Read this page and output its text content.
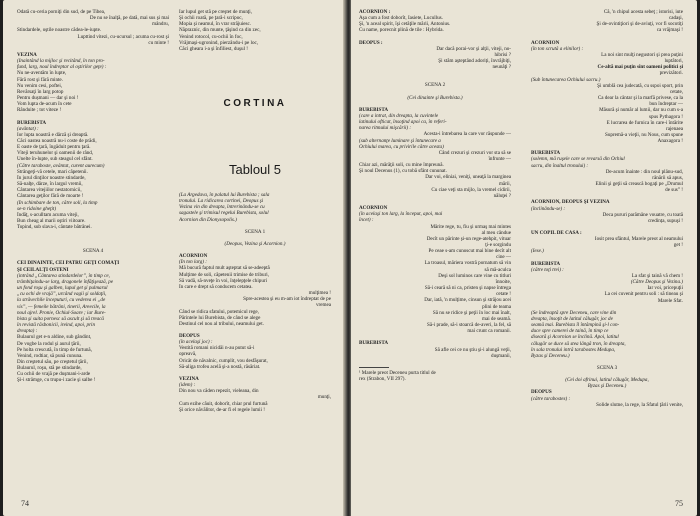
Odată cu-ceria porniţi din sud, de pe Tibea,
De nu se înalţă, pe dată, mai sus şi mai
mândru,
Stindardele, oştile noastre cădea-le-iupte.
Lupttind vitezi, cu-ucursul ; acuma cu-rost şi
cu minte !
VEZINA
(Inaintând la mijloc şi recitând, în ton pro-
fund, larg, noul îndreptar al oştirilor geţe) :
Nu ne-aventăm în lupte,
Fără rost şi fără minte.
Nu venim cesi, poftei,
Revărsaţi în larg potop
Pentru dușmani — dar şi noi !
Vom lupta de-acum în cete
Rânduite ; tot viteze !
BUREBISTA
(avântat) :
Ior lupta noastră e dârză şi dreaptă.
Căci oastea noastră nu-i coste de prădi,
E oaste de ţară, îngăduit pentru ţară.
Viteji teruhunelor şi oamenii de rând,
Unelte în-lupte, sub steagul cel sfânt.
(Către taraboste, avântat, curent aurecum)
Strângeţi-vă cetele, mari căpetenii.
În jurul dinţilor noastre stindarde,
Să-nalţe, dârze, în largul vremii,
Cântarea vitejiilor nestatornicii,
Cântarea geţilor fără de moarte !
(În schimbare de ton, către soli, la timp
se-n ridoine gheţit)
Îndăţ, s-aculltam acuma viteji,
Bun cheag al marii oştiri viitoare.
Topind, sub slava-i, cântate bătrânei.
SCENA 4
CEI DINAINTE, CEI PATRU GEŢI COMAŢI
ŞI CEILALŢI OSTENI
(intrând „Cântarea stindardelor”, în timp ce,
trâmbiţaindu-se larg, dragonele înfăţişează, pe
un fond roşu şi galben, lupul get şi pulmarul
„cu ochi de vrajă”, urcând vagii şi soldaţii,
la străvechile începuturi, cu vederea ei „de
vis”, — femeile bătrâni, tinerii, Areecile, la
noul ajrel. Pronie, Ochiul-Soare ; iar Bure-
bista şi suita pornesc să ascult şi să treacă
în revistă răsbonicii, ireind, apoi, prin
dreapta) :
Bulaurul get e-n aldine, sub gândint,
De vogbe la rodul şi aurul ţării,
Pe holta crescută, în timp de furtună,
Venind, rodtiar, să pună cununa.
Din creştetul său, pe creştetul ţării,
Bulaurul, roşu, stă pe stindarde,
Cu ochii de vrajă pe duşmani-i-arde
Şi-i strâmge, cu trupu-i zacie şi salbe !
Iar lupul get stă pe creştet de munţi,
Şi ochii roată, pe ţară-i scripoc,
Mopia şi neamul, în vrar străjuiesc.
Năpraznic, din munte, ţâşind ca din zec,
Venind rotocol, cu-ochii în foc,
Vrăjmaşi-ugronind, pierzându-i pe loc,
Căci gheara i-a şi înfiliest, duşul !
CORTINA
Tabloul 5
(La Argedava, în palatul lui Burebista ; sala
tronului. La ridicarea cortinei, Deopus şi
Vezina vin din dreapta, întrerinându-se cu
sagastele şi trimisul regelui Burebista, solul
Acornion din Dionysopolis.)
SCENA 1
(Deopus, Vezina şi Acornion.)
ACORNION
(În ton larg) :
Mă bucură faptul mult aşteptat să se-adeeptă
Mulţime de soli, căpetenii trimise de triburi,
Să vadă, să-nveţe în voi, înţelepţele chipuri
În care e drept să conducem cetatea.
mulţimea !
Spre-acestea şi eu m-am iot îndreptat de pe
vremea
Când se ridica sfatului, potemicul rege,
Părintele lui Burebista, de când se alege
Destinul cel nou al tribului, neamului get.
DEOPUS
(în acelaşi joc) :
Vestită romani nicidăi n-au putut să-i
opreavă,
Oricât de năvalnic, cumplit, vou desfăşurat,
Să-aliga trofeu acelă şi-a nostă, răsăriat.
VEZINA
(idem) :
Din nou va căden repezit, vieleana, din
munţi,
Cum ezihe căuit, doborît, chiar prul furtună
Şi orice năvălitor, de-ar fi el regele lumii !
74
ACORNION :
Aşa cum a fost doborît, Iasiete, Lucullus.
Şi, 'n aceal spirit, îşi cetăţile mării, Antonius.
Cu name, porecnit plină de tile : Hybrida.
DEOPUS :
Dar dacă porai-vor şi alţii, viteji, no-
hibrisi ?
Şi stăm aşteptând adoriți, învrăjbiţi,
neunâţi ?
SCENA 2
(Cei dinainte şi Burebista.)
BUREBISTA
(care a intrat, din dreapta, la cuvintele
latinului ofticat, însoţind apoi ca, în referi-
narea ritmului mişcării) :
Acesta-i întrebarea la care vor răspunde —
(sub alternanţe luminare şi întunecare a
Ochiului marea, cu privirile către acesta)
Când crezuri şi crezuri vor sta să se
înfrunte —
Chiar azi, mărăţii soli, cu mine împreună.
Şi noul Decenus (1), cu tobă sfânt cununat.
Dar voi, eliniai, veniţi, uneaţă la marginea
mării,
Cu ciae veţi sta mijlo, la vremel cidirii,
năluţei ?
ACORNION
(în acelaşi ton larg, la început, apoi, mai
încet) :
Mărite rege, tu, fiu şi urmaş mai mintes
al meu cândue
Decît un părinte şi-un rege-atehpit, vituar
ţi-e sorgindu
Pe ceae s-am cunoscut mai bine decît alt
cine —
La troasul, măriera vostră pornatum să vin
să mă-aculca
Deşi sol luminos care vine cu titluri
înnoite,
Să-i ceară să ni ca, pristen şi napse întrega
cetate !
Dar, iată, 'n mulţime, cinsun şi străjou acei
plini de teama
Să nu se ridice şi peţii în loc mai înalt,
mai de seamă.
Să-i prade, să-i stoarcă de-averi, la fel, să
mai crunt ca romanii.
BUREBISTA
Să afle cei ce nu ştiu şi-i alungă veţii,
duşmanii,
¹ Marele preot Deceneu purta titlul de
rex (Strabon, VII 297).
Că, 'n chipul acesta sebeţ ; istorisi, iute
cadaşi,
Şi de-ovintiţiori şi de-aviuţi, vor fi socotiţi
ca vrăjmaşi !
ACORNION
(în ton scrută a elinilor) :
La noi sint mulţi negustori şi prea puţini
luptători,
Ce-altă mai puţin sînt oameni politici şi
previzători.
(Sub întunecarea Ochiului sacru.)
Şi umblă cea judecată, cu sspoi sport, prin
cetate,
Ca dear la cântar şi la marfă privese, ca la
bun îndreptar —
Măsură şi număr al lumii, dar nu cum s-a
spus Pythagora !
E lucrarea de furnica în care-i întărite
rajenaea
Supremă-a vieţii, nu Nous, cum spune
Anaxagora !
BUREBISTA
(solemn, mă ruşele care se revarsă din Ochiul
sacru, din înaltul tronului) :
De-acum înainte : din noul plânu-sud,
rânării să apus,
Elinii şi geţii să crească bogaţi pe „Drumul
de sus” !
ACORNION, DEOPUS ŞI VEZINA
(înclinându-se) :
Deca pururi parămâne vouatre, cu toată
credința, supuşi !
UN COPIL DE CASA :
Iosit prea sfântul, Marele preot al neamului
get !
(Iese.)
BUREBISTA
(către toţi trei) :
La sfat şi taină vă chem !
(Către Deopus şi Vezina.)
Iar voi, pricepuţii
La cei cuvenit pentru soli : să tineau şi
Marele Sfat.
(Se îndreaptă spre Deceneu, care vine din
dreapta, însoţit de latitul călugăr, joc de
seamă mai. Burebista îl întâmpină şi-l con-
duce spre camerei de taină, în timp ce
diseară şi Acornion se înclină. Apoi, latitul
călugăr se duce să stea lângă tron, în dreapta,
în sala tronului intră tarabostes Medupa,
Byzas şi Deceneu.)
SCENA 3
(Cei doi afrinui, latitul călugăr, Medupa,
Byzas şi Deceneu.)
DEOPUS
(către tarabostes) :
Solide slutne, la rege, la Sfatul ţării venite,
75
